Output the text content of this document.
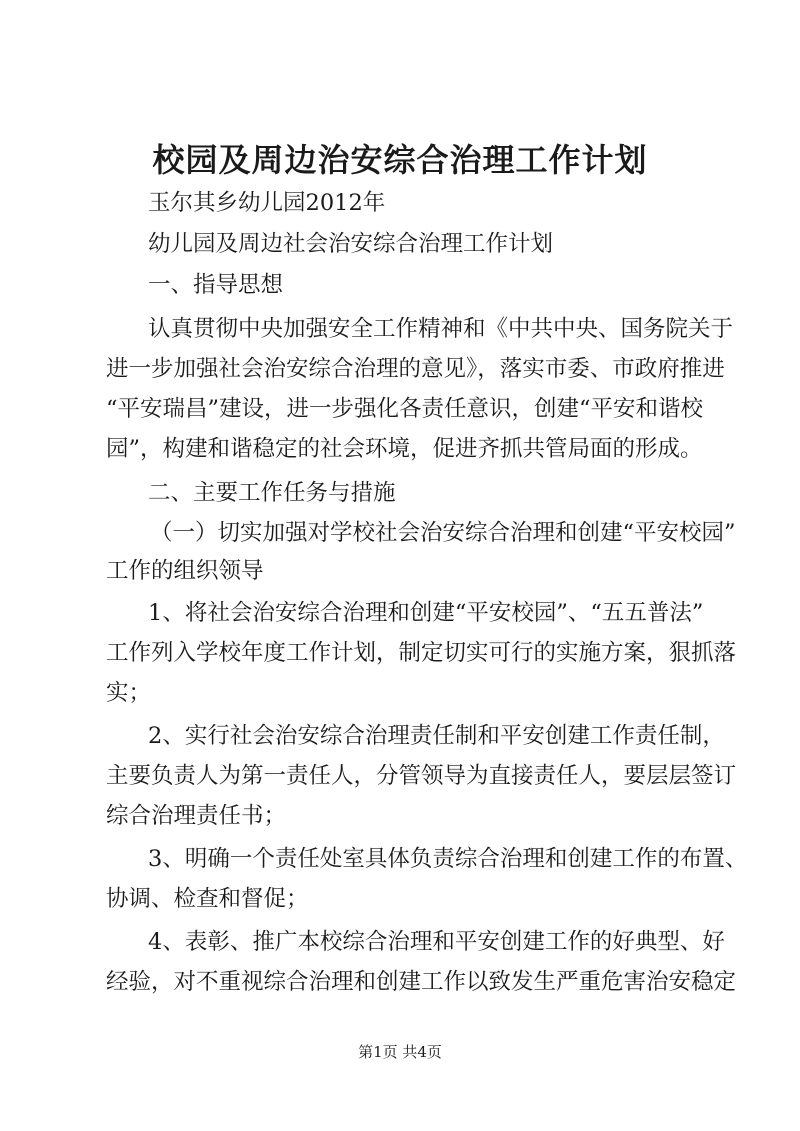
校园及周边治安综合治理工作计划

玉尔其乡幼儿园2012年

幼儿园及周边社会治安综合治理工作计划

一、指导思想

认真贯彻中央加强安全工作精神和《中共中央、国务院关于

进一步加强社会治安综合治理的意见》，落实市委、市政府推进

“平安瑞昌”建设，进一步强化各责任意识，创建“平安和谐校

园”，构建和谐稳定的社会环境，促进齐抓共管局面的形成。

二、主要工作任务与措施

（一）切实加强对学校社会治安综合治理和创建“平安校园”

工作的组织领导

1、将社会治安综合治理和创建“平安校园”、“五五普法”

工作列入学校年度工作计划，制定切实可行的实施方案，狠抓落

实；

2、实行社会治安综合治理责任制和平安创建工作责任制，

主要负责人为第一责任人，分管领导为直接责任人，要层层签订

综合治理责任书；

3、明确一个责任处室具体负责综合治理和创建工作的布置、

协调、检查和督促；

4、表彰、推广本校综合治理和平安创建工作的好典型、好

经验，对不重视综合治理和创建工作以致发生严重危害治安稳定

第1页 共4页
